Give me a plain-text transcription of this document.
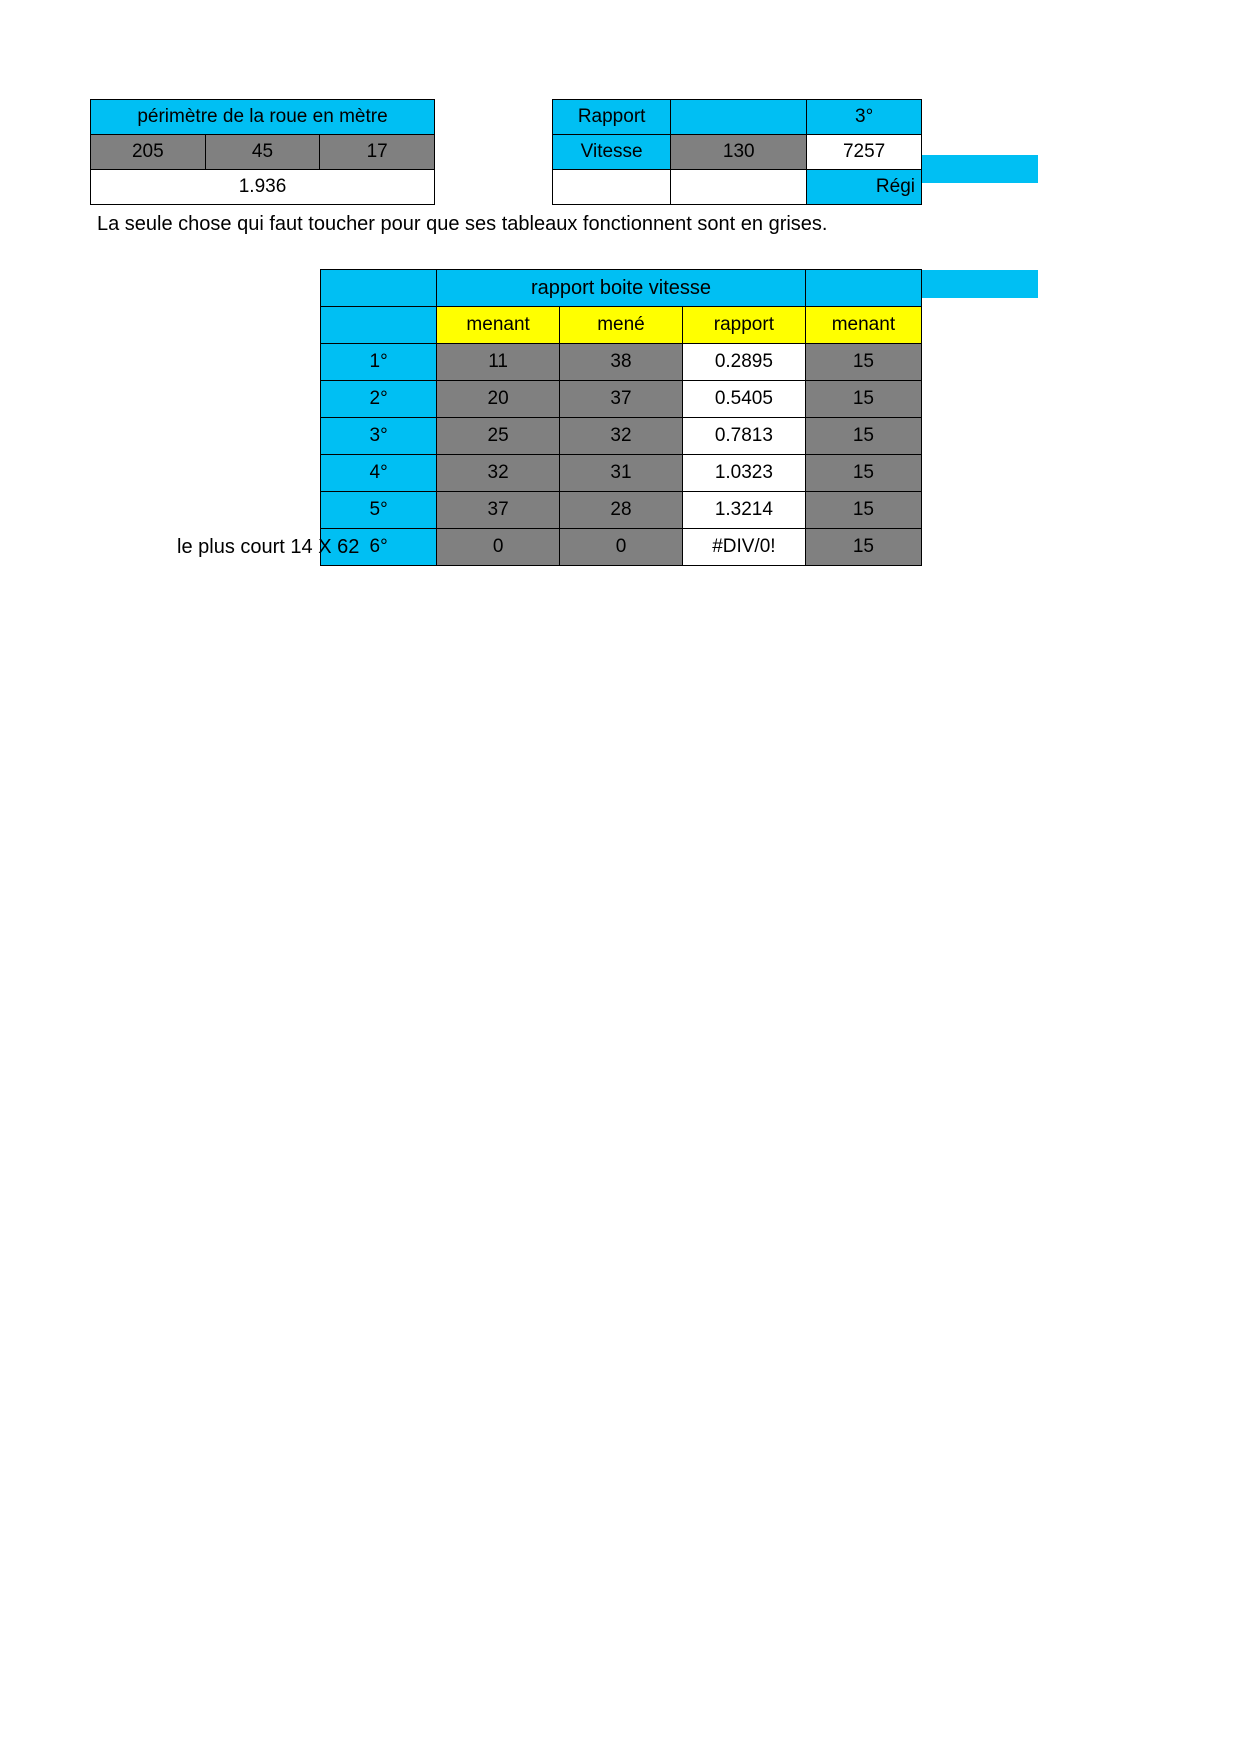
périmètre de la roue en mètre
205	45	17
1.936
Rapport		3°
Vitesse	130	7257
		Régi
La seule chose qui faut toucher pour que ses tableaux fonctionnent sont en grises.
	rapport boite vitesse			
	menant	mené	rapport	menant
1°	11	38	0.2895	15
2°	20	37	0.5405	15
3°	25	32	0.7813	15
4°	32	31	1.0323	15
5°	37	28	1.3214	15
6°	0	0	#DIV/0!	15
le plus court 14 X 62
